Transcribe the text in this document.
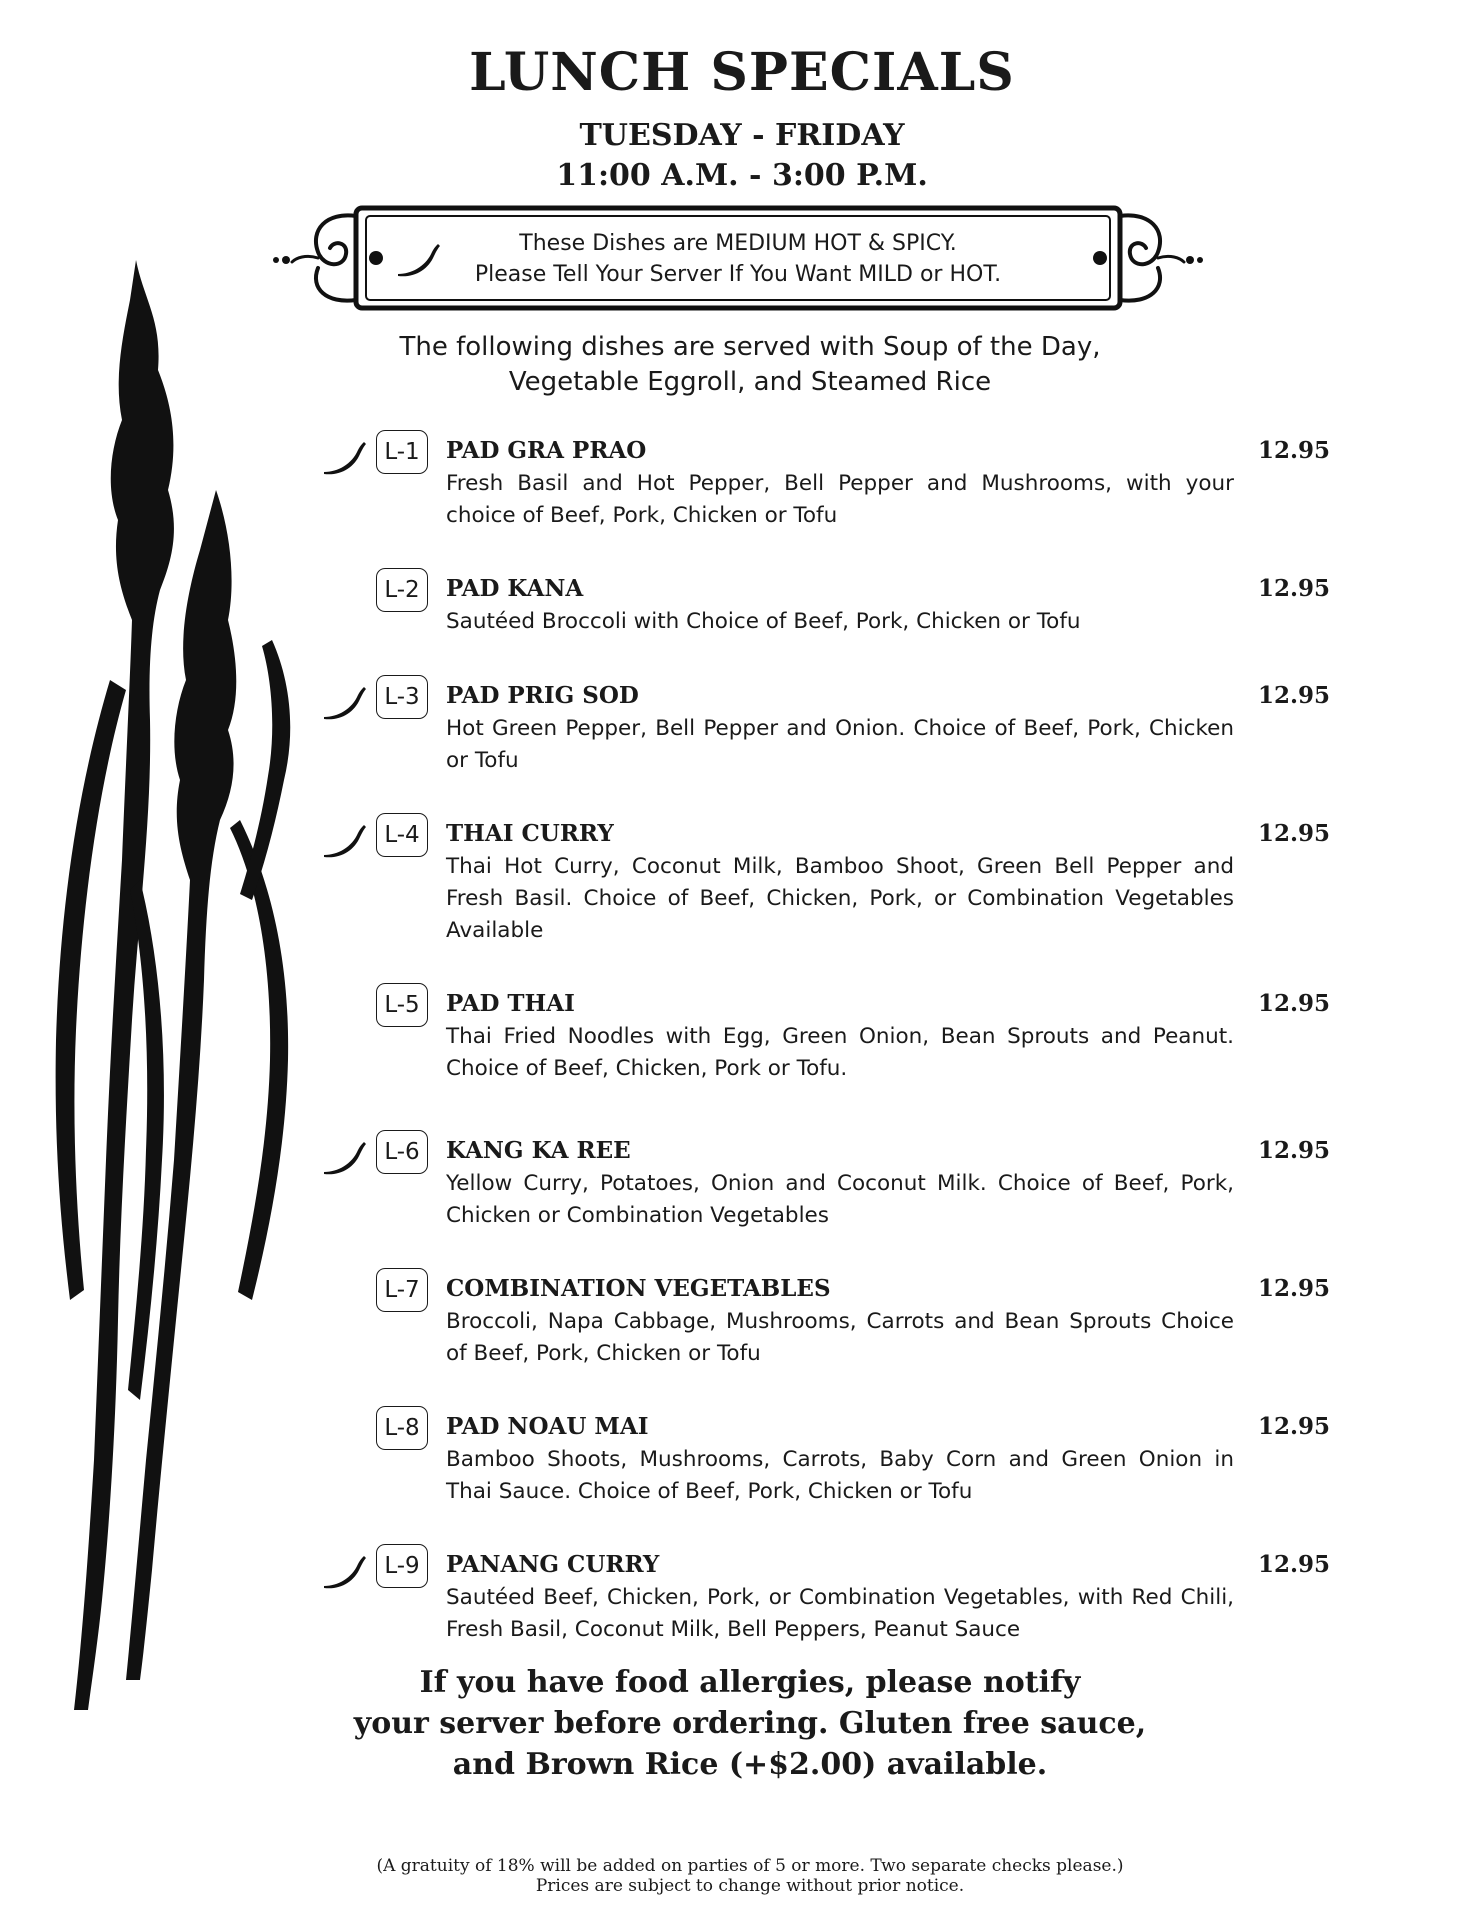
LUNCH SPECIALS
TUESDAY - FRIDAY
11:00 A.M. - 3:00 P.M.
These Dishes are MEDIUM HOT & SPICY.
Please Tell Your Server If You Want MILD or HOT.
The following dishes are served with Soup of the Day,
Vegetable Eggroll, and Steamed Rice
L-1	PAD GRA PRAO	12.95
Fresh Basil and Hot Pepper, Bell Pepper and Mushrooms, with your choice of Beef, Pork, Chicken or Tofu
L-2	PAD KANA	12.95
Sautéed Broccoli with Choice of Beef, Pork, Chicken or Tofu
L-3	PAD PRIG SOD	12.95
Hot Green Pepper, Bell Pepper and Onion. Choice of Beef, Pork, Chicken or Tofu
L-4	THAI CURRY	12.95
Thai Hot Curry, Coconut Milk, Bamboo Shoot, Green Bell Pepper and Fresh Basil. Choice of Beef, Chicken, Pork, or Combination Vegetables Available
L-5	PAD THAI	12.95
Thai Fried Noodles with Egg, Green Onion, Bean Sprouts and Peanut. Choice of Beef, Chicken, Pork or Tofu.
L-6	KANG KA REE	12.95
Yellow Curry, Potatoes, Onion and Coconut Milk. Choice of Beef, Pork, Chicken or Combination Vegetables
L-7	COMBINATION VEGETABLES	12.95
Broccoli, Napa Cabbage, Mushrooms, Carrots and Bean Sprouts Choice of Beef, Pork, Chicken or Tofu
L-8	PAD NOAU MAI	12.95
Bamboo Shoots, Mushrooms, Carrots, Baby Corn and Green Onion in Thai Sauce. Choice of Beef, Pork, Chicken or Tofu
L-9	PANANG CURRY	12.95
Sautéed Beef, Chicken, Pork, or Combination Vegetables, with Red Chili, Fresh Basil, Coconut Milk, Bell Peppers, Peanut Sauce
If you have food allergies, please notify
your server before ordering. Gluten free sauce,
and Brown Rice (+$2.00) available.
(A gratuity of 18% will be added on parties of 5 or more. Two separate checks please.)
Prices are subject to change without prior notice.
